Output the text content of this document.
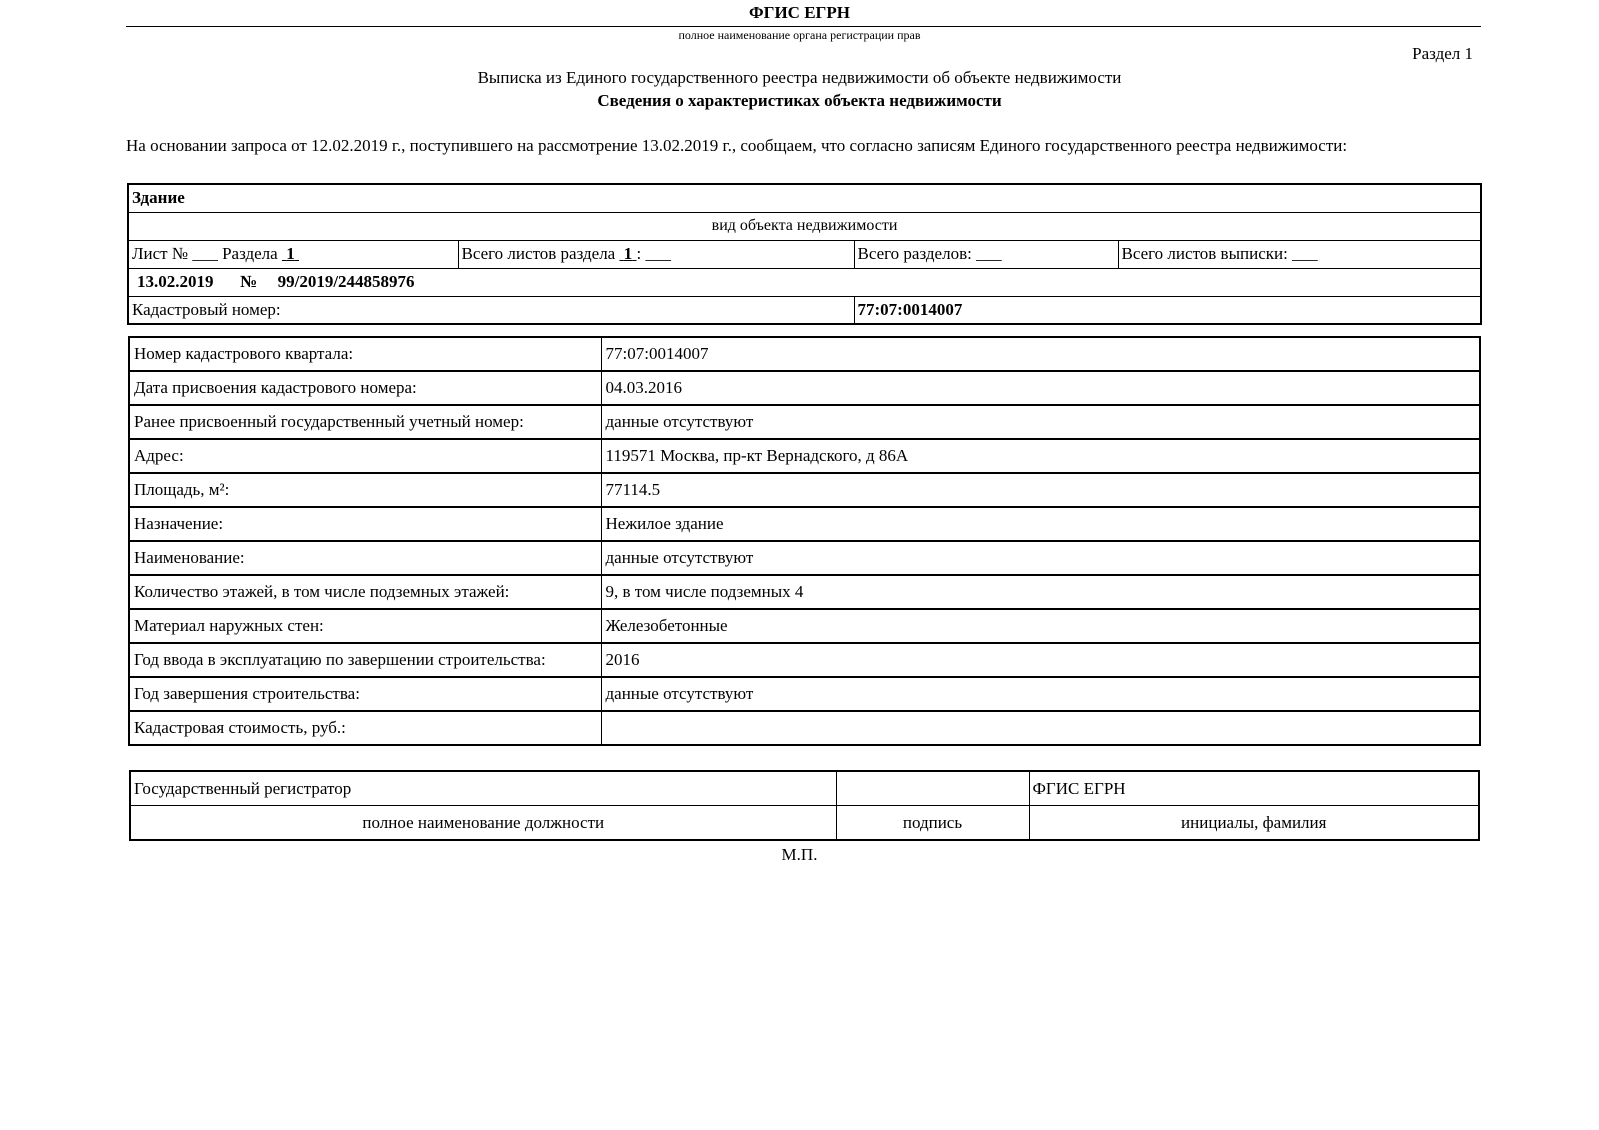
ФГИС ЕГРН
полное наименование органа регистрации прав
Раздел 1
Выписка из Единого государственного реестра недвижимости об объекте недвижимости
Сведения о характеристиках объекта недвижимости
На основании запроса от 12.02.2019 г., поступившего на рассмотрение 13.02.2019 г., сообщаем, что согласно записям Единого государственного реестра недвижимости:
Здание			
вид объекта недвижимости			
Лист № ___ Раздела 1	Всего листов раздела 1 : ___	Всего разделов: ___	Всего листов выписки: ___
13.02.2019 № 99/2019/244858976			
Кадастровый номер:		77:07:0014007	
Номер кадастрового квартала:	77:07:0014007
Дата присвоения кадастрового номера:	04.03.2016
Ранее присвоенный государственный учетный номер:	данные отсутствуют
Адрес:	119571 Москва, пр-кт Вернадского, д 86А
Площадь, м²:	77114.5
Назначение:	Нежилое здание
Наименование:	данные отсутствуют
Количество этажей, в том числе подземных этажей:	9, в том числе подземных 4
Материал наружных стен:	Железобетонные
Год ввода в эксплуатацию по завершении строительства:	2016
Год завершения строительства:	данные отсутствуют
Кадастровая стоимость, руб.:	
Государственный регистратор		ФГИС ЕГРН
полное наименование должности	подпись	инициалы, фамилия
М.П.
